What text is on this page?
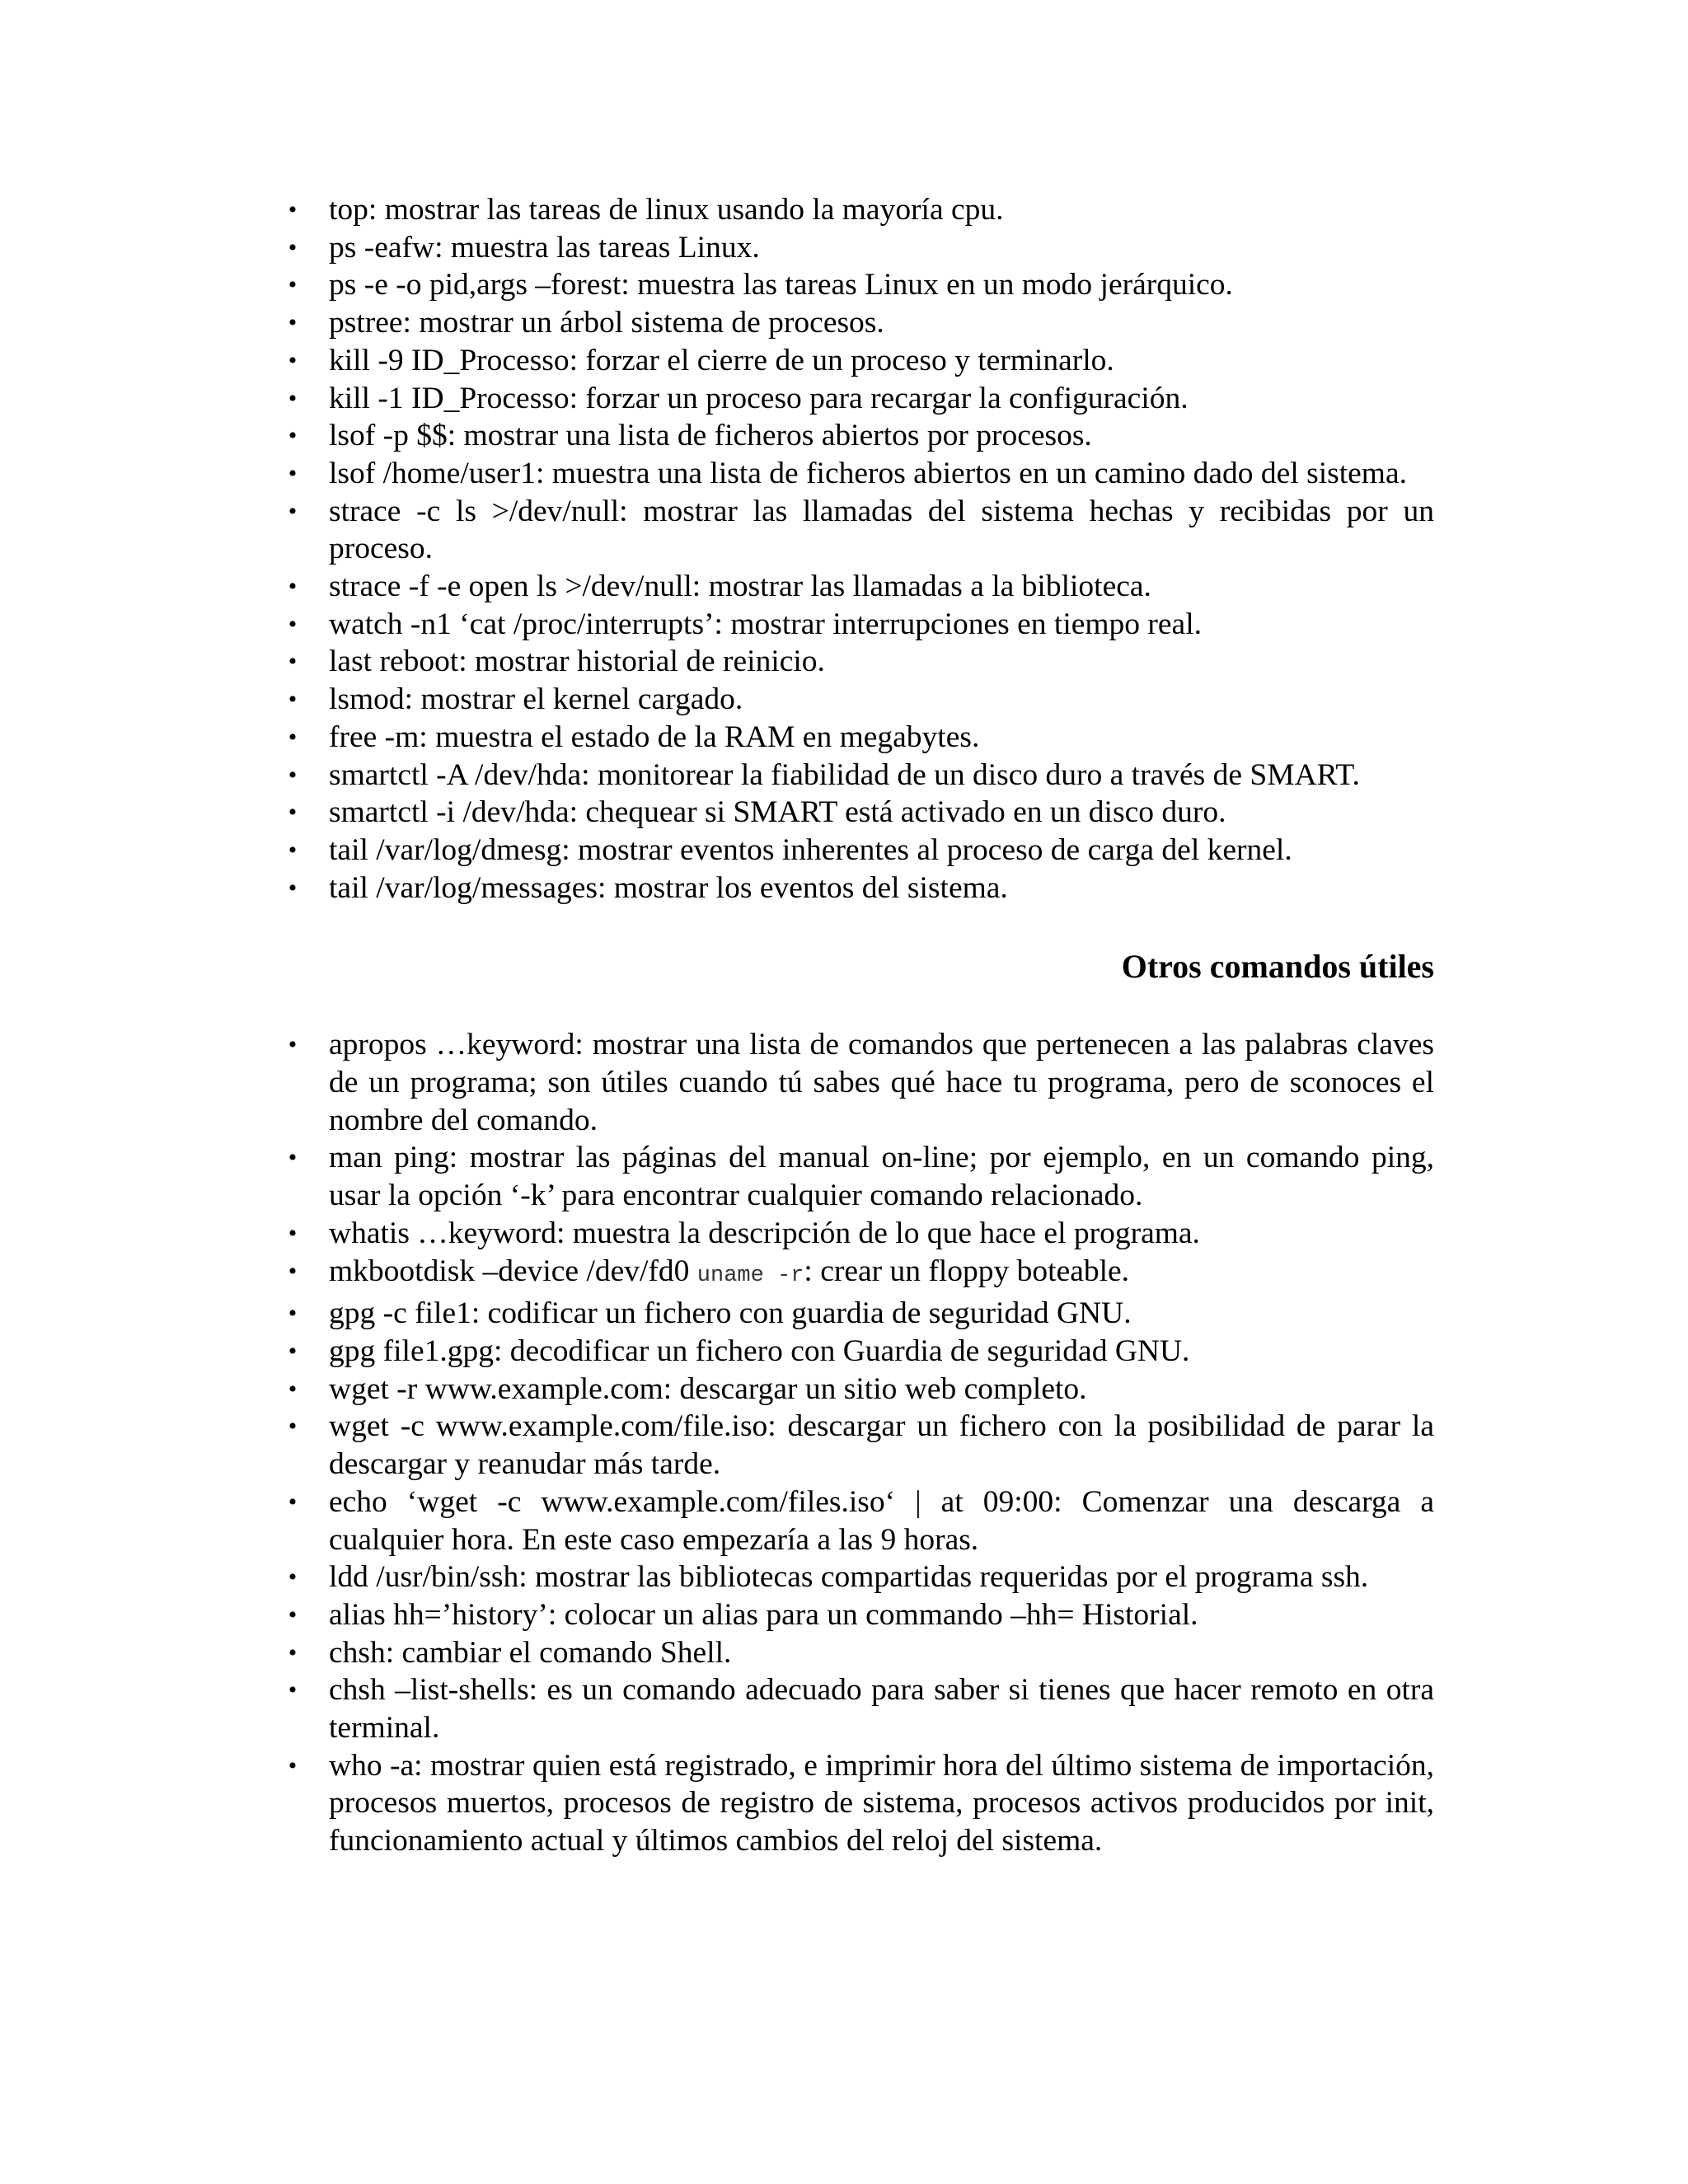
• top: mostrar las tareas de linux usando la mayoría cpu.
• ps -eafw: muestra las tareas Linux.
• ps -e -o pid,args –forest: muestra las tareas Linux en un modo jerárquico.
• pstree: mostrar un árbol sistema de procesos.
• kill -9 ID_Processo: forzar el cierre de un proceso y terminarlo.
• kill -1 ID_Processo: forzar un proceso para recargar la configuración.
• lsof -p $$: mostrar una lista de ficheros abiertos por procesos.
• lsof /home/user1: muestra una lista de ficheros abiertos en un camino dado del sistema.
• strace -c ls >/dev/null: mostrar las llamadas del sistema hechas y recibidas por un proceso.
• strace -f -e open ls >/dev/null: mostrar las llamadas a la biblioteca.
• watch -n1 ‘cat /proc/interrupts’: mostrar interrupciones en tiempo real.
• last reboot: mostrar historial de reinicio.
• lsmod: mostrar el kernel cargado.
• free -m: muestra el estado de la RAM en megabytes.
• smartctl -A /dev/hda: monitorear la fiabilidad de un disco duro a través de SMART.
• smartctl -i /dev/hda: chequear si SMART está activado en un disco duro.
• tail /var/log/dmesg: mostrar eventos inherentes al proceso de carga del kernel.
• tail /var/log/messages: mostrar los eventos del sistema.
Otros comandos útiles
• apropos …keyword: mostrar una lista de comandos que pertenecen a las palabras claves de un programa; son útiles cuando tú sabes qué hace tu programa, pero de sconoces el nombre del comando.
• man ping: mostrar las páginas del manual on-line; por ejemplo, en un comando ping, usar la opción ‘-k’ para encontrar cualquier comando relacionado.
• whatis …keyword: muestra la descripción de lo que hace el programa.
• mkbootdisk –device /dev/fd0 uname -r: crear un floppy boteable.
• gpg -c file1: codificar un fichero con guardia de seguridad GNU.
• gpg file1.gpg: decodificar un fichero con Guardia de seguridad GNU.
• wget -r www.example.com: descargar un sitio web completo.
• wget -c www.example.com/file.iso: descargar un fichero con la posibilidad de parar la descargar y reanudar más tarde.
• echo ‘wget -c www.example.com/files.iso‘ | at 09:00: Comenzar una descarga a cualquier hora. En este caso empezaría a las 9 horas.
• ldd /usr/bin/ssh: mostrar las bibliotecas compartidas requeridas por el programa ssh.
• alias hh=’history’: colocar un alias para un commando –hh= Historial.
• chsh: cambiar el comando Shell.
• chsh –list-shells: es un comando adecuado para saber si tienes que hacer remoto en otra terminal.
• who -a: mostrar quien está registrado, e imprimir hora del último sistema de importación, procesos muertos, procesos de registro de sistema, procesos activos producidos por init, funcionamiento actual y últimos cambios del reloj del sistema.
